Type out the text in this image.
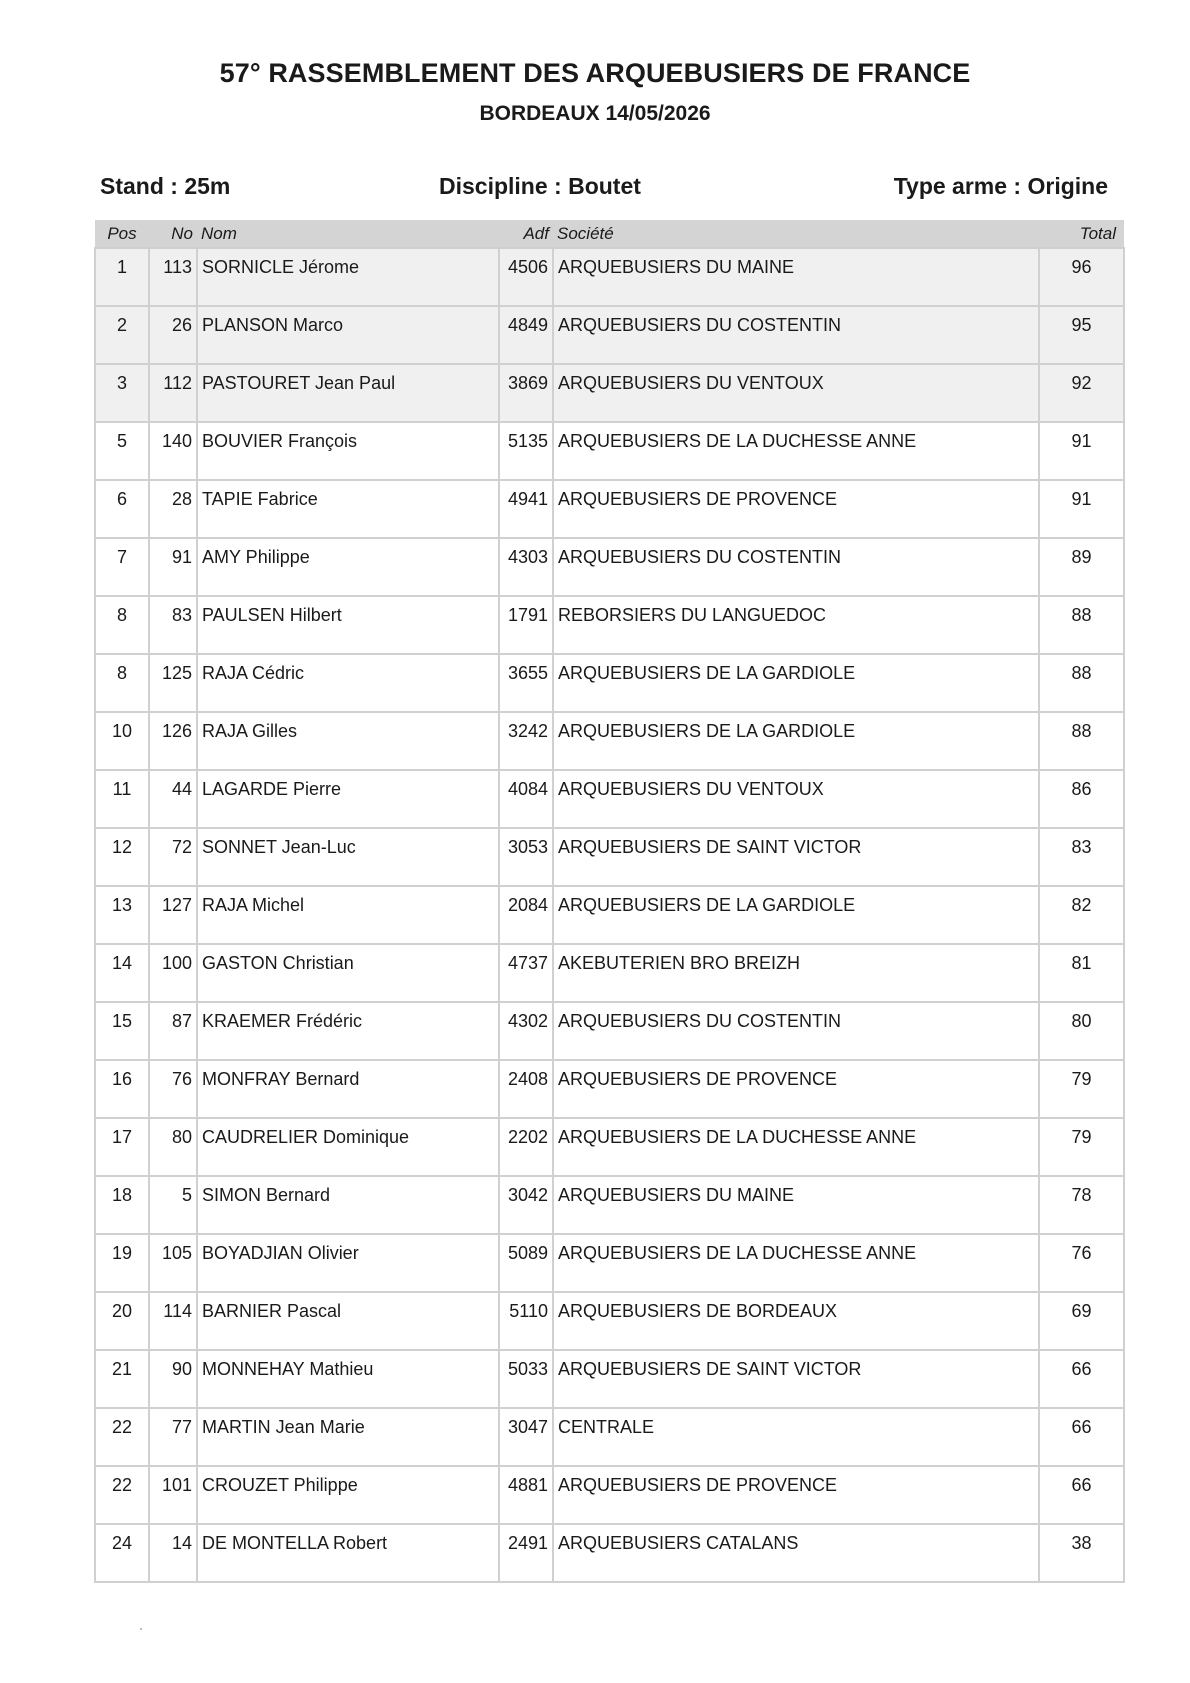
57° RASSEMBLEMENT DES ARQUEBUSIERS DE FRANCE
BORDEAUX 14/05/2026
Stand : 25m	Discipline : Boutet	Type arme : Origine
Pos	No	Nom	Adf	Société	Total
1	113	SORNICLE Jérome	4506	ARQUEBUSIERS DU MAINE	96
2	26	PLANSON Marco	4849	ARQUEBUSIERS DU COSTENTIN	95
3	112	PASTOURET Jean Paul	3869	ARQUEBUSIERS DU VENTOUX	92
5	140	BOUVIER François	5135	ARQUEBUSIERS DE LA DUCHESSE ANNE	91
6	28	TAPIE Fabrice	4941	ARQUEBUSIERS DE PROVENCE	91
7	91	AMY Philippe	4303	ARQUEBUSIERS DU COSTENTIN	89
8	83	PAULSEN Hilbert	1791	REBORSIERS DU LANGUEDOC	88
8	125	RAJA Cédric	3655	ARQUEBUSIERS DE LA GARDIOLE	88
10	126	RAJA Gilles	3242	ARQUEBUSIERS DE LA GARDIOLE	88
11	44	LAGARDE Pierre	4084	ARQUEBUSIERS DU VENTOUX	86
12	72	SONNET Jean-Luc	3053	ARQUEBUSIERS DE SAINT VICTOR	83
13	127	RAJA Michel	2084	ARQUEBUSIERS DE LA GARDIOLE	82
14	100	GASTON Christian	4737	AKEBUTERIEN BRO BREIZH	81
15	87	KRAEMER Frédéric	4302	ARQUEBUSIERS DU COSTENTIN	80
16	76	MONFRAY Bernard	2408	ARQUEBUSIERS DE PROVENCE	79
17	80	CAUDRELIER Dominique	2202	ARQUEBUSIERS DE LA DUCHESSE ANNE	79
18	5	SIMON Bernard	3042	ARQUEBUSIERS DU MAINE	78
19	105	BOYADJIAN Olivier	5089	ARQUEBUSIERS DE LA DUCHESSE ANNE	76
20	114	BARNIER Pascal	5110	ARQUEBUSIERS DE BORDEAUX	69
21	90	MONNEHAY Mathieu	5033	ARQUEBUSIERS DE SAINT VICTOR	66
22	77	MARTIN Jean Marie	3047	CENTRALE	66
22	101	CROUZET Philippe	4881	ARQUEBUSIERS DE PROVENCE	66
24	14	DE MONTELLA Robert	2491	ARQUEBUSIERS CATALANS	38
